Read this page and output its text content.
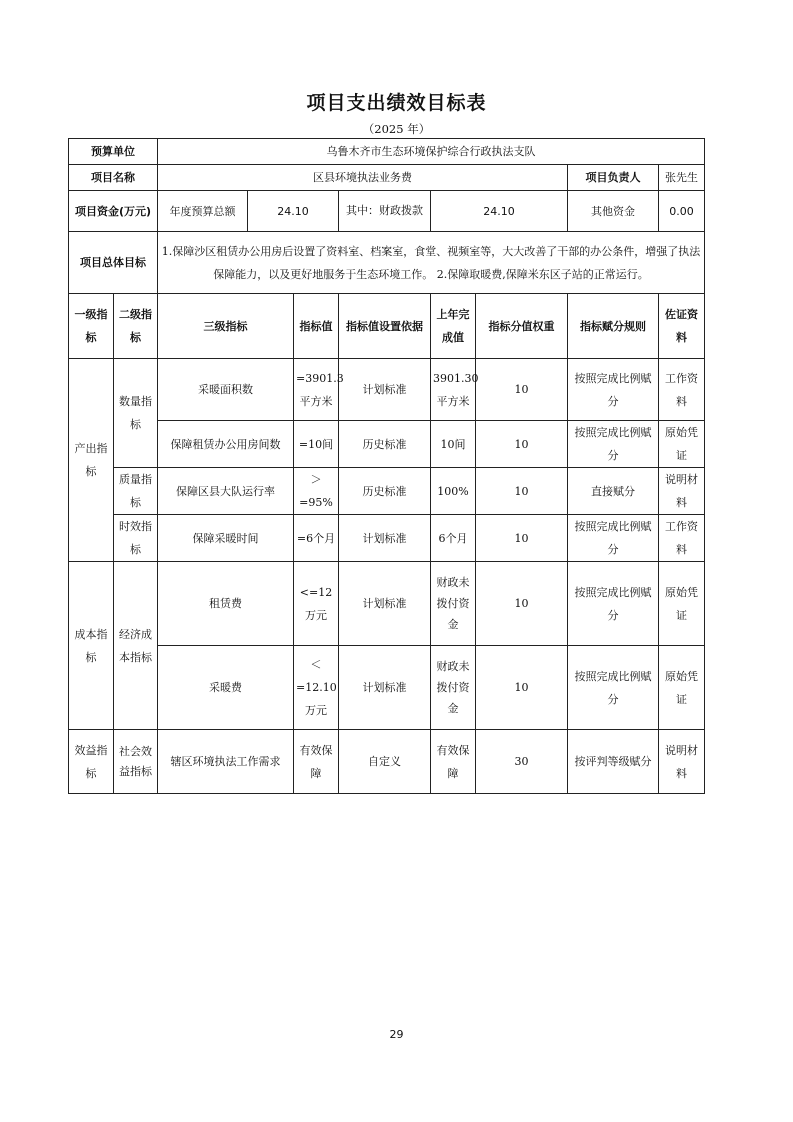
项目支出绩效目标表
（2025 年）
预算单位		乌鲁木齐市生态环境保护综合行政执法支队							
项目名称		区县环境执法业务费						项目负责人	张先生
项目资金(万元)		年度预算总额	24.10		其中：财政拨款	24.10		其他资金	0.00
项目总体目标		1.保障沙区租赁办公用房后设置了资料室、档案室，食堂、视频室等，大大改善了干部的办公条件，增强了执法保障能力，以及更好地服务于生态环境工作。 2.保障取暖费,保障米东区子站的正常运行。							
一级指标	二级指标	三级指标		指标值	指标值设置依据	上年完成值	指标分值权重	指标赋分规则	佐证资料
产出指标	数量指标	采暖面积数		=3901.3平方米	计划标准	3901.30平方米	10	按照完成比例赋分	工作资料
		保障租赁办公用房间数		=10间	历史标准	10间	10	按照完成比例赋分	原始凭证
	质量指标	保障区县大队运行率		＞=95%	历史标准	100%	10	直接赋分	说明材料
	时效指标	保障采暖时间		=6个月	计划标准	6个月	10	按照完成比例赋分	工作资料
成本指标	经济成本指标	租赁费		<=12万元	计划标准	财政未拨付资金	10	按照完成比例赋分	原始凭证
		采暖费		＜=12.10万元	计划标准	财政未拨付资金	10	按照完成比例赋分	原始凭证
效益指标	社会效益指标	辖区环境执法工作需求		有效保障	自定义	有效保障	30	按评判等级赋分	说明材料
29
